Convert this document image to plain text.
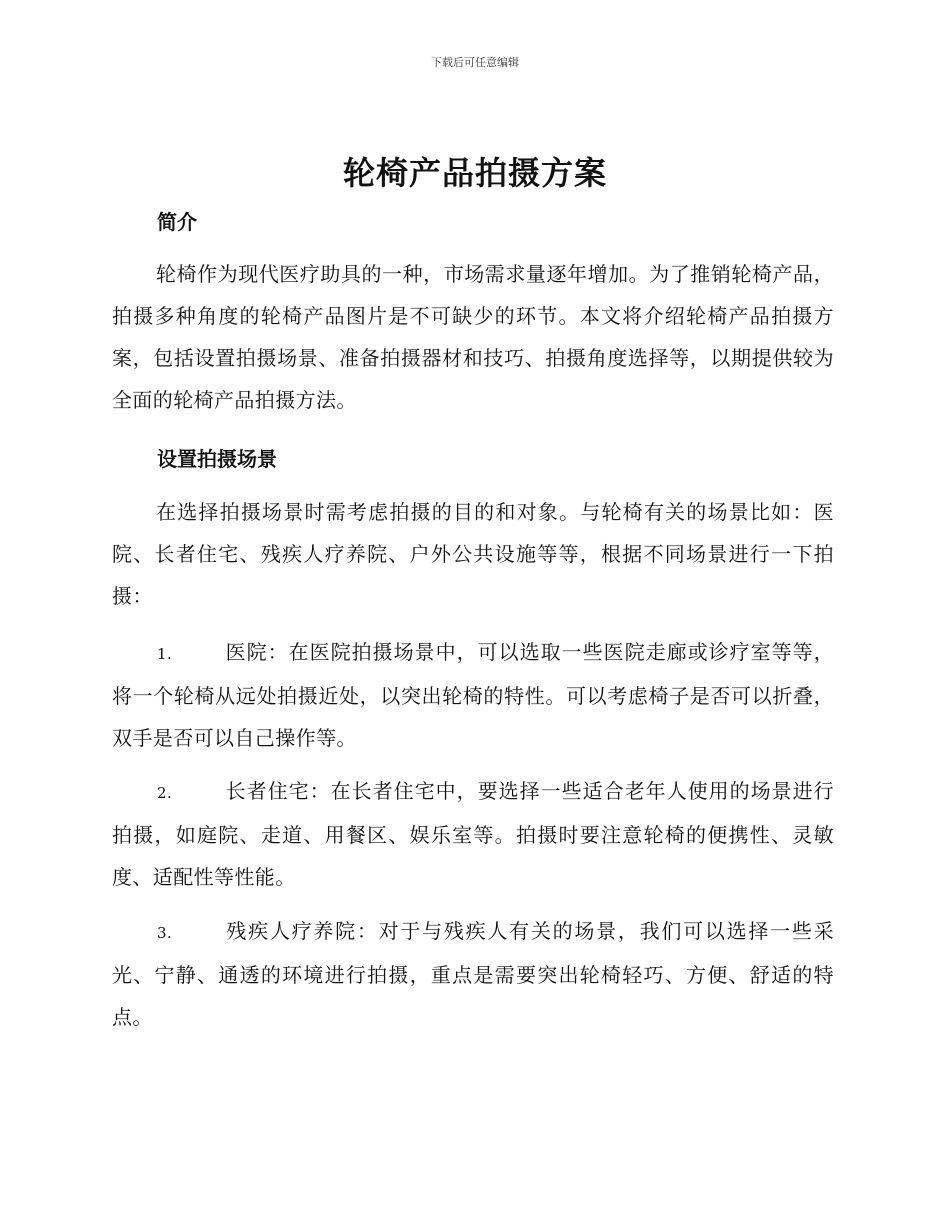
下载后可任意编辑
轮椅产品拍摄方案
简介

轮椅作为现代医疗助具的一种，市场需求量逐年增加。为了推销轮椅产品，拍摄多种角度的轮椅产品图片是不可缺少的环节。本文将介绍轮椅产品拍摄方案，包括设置拍摄场景、准备拍摄器材和技巧、拍摄角度选择等，以期提供较为全面的轮椅产品拍摄方法。

设置拍摄场景

在选择拍摄场景时需考虑拍摄的目的和对象。与轮椅有关的场景比如：医院、长者住宅、残疾人疗养院、户外公共设施等等，根据不同场景进行一下拍摄：

1.	医院：在医院拍摄场景中，可以选取一些医院走廊或诊疗室等等，将一个轮椅从远处拍摄近处，以突出轮椅的特性。可以考虑椅子是否可以折叠，双手是否可以自己操作等。

2.	长者住宅：在长者住宅中，要选择一些适合老年人使用的场景进行拍摄，如庭院、走道、用餐区、娱乐室等。拍摄时要注意轮椅的便携性、灵敏度、适配性等性能。

3.	残疾人疗养院：对于与残疾人有关的场景，我们可以选择一些采光、宁静、通透的环境进行拍摄，重点是需要突出轮椅轻巧、方便、舒适的特点。
